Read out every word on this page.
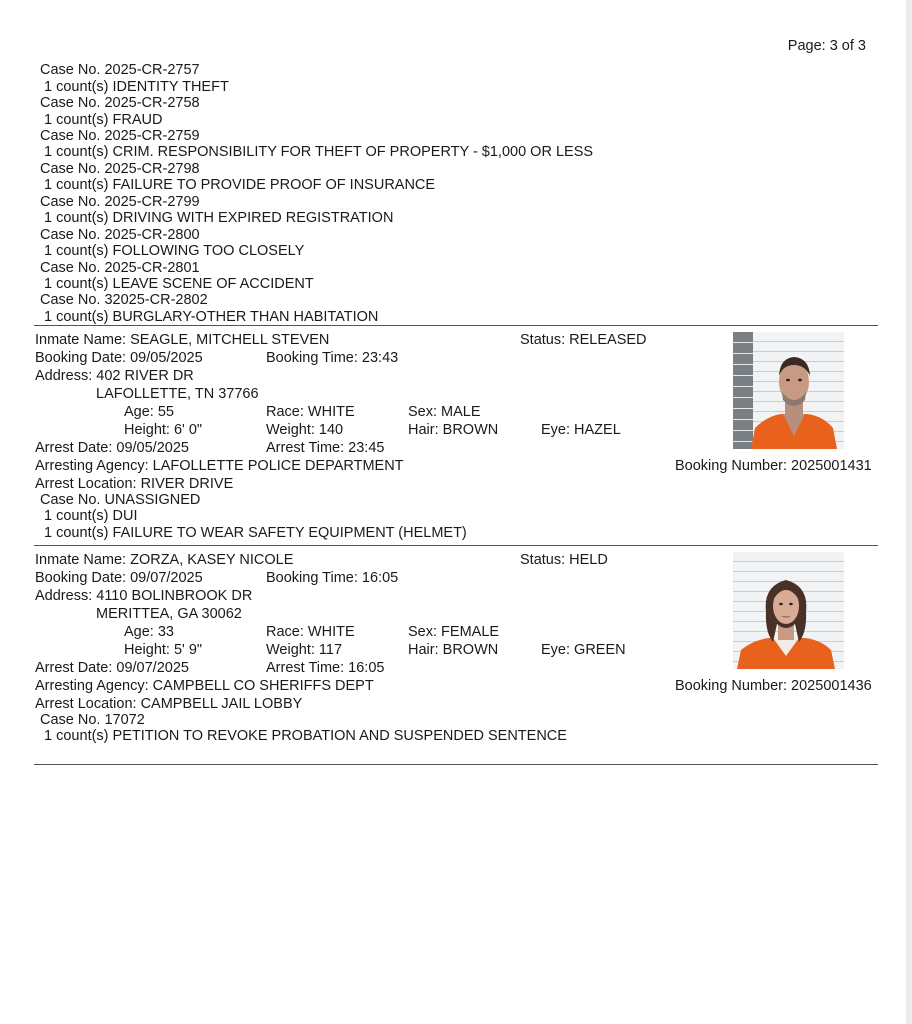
Page: 3 of 3
Case No. 2025-CR-2757
1 count(s) IDENTITY THEFT
Case No. 2025-CR-2758
1 count(s) FRAUD
Case No. 2025-CR-2759
1 count(s) CRIM. RESPONSIBILITY FOR THEFT OF PROPERTY - $1,000 OR LESS
Case No. 2025-CR-2798
1 count(s) FAILURE TO PROVIDE PROOF OF INSURANCE
Case No. 2025-CR-2799
1 count(s) DRIVING WITH EXPIRED REGISTRATION
Case No. 2025-CR-2800
1 count(s) FOLLOWING TOO CLOSELY
Case No. 2025-CR-2801
1 count(s) LEAVE SCENE OF ACCIDENT
Case No. 32025-CR-2802
1 count(s) BURGLARY-OTHER THAN HABITATION
Inmate Name: SEAGLE, MITCHELL STEVEN	Status: RELEASED
Booking Date: 09/05/2025	Booking Time: 23:43
Address: 402 RIVER DR
LAFOLLETTE, TN 37766
Age: 55	Race: WHITE	Sex: MALE
Height: 6' 0"	Weight: 140	Hair: BROWN	Eye: HAZEL
Arrest Date: 09/05/2025	Arrest Time: 23:45
Arresting Agency: LAFOLLETTE POLICE DEPARTMENT	Booking Number: 2025001431
Arrest Location: RIVER DRIVE
Case No. UNASSIGNED
1 count(s) DUI
1 count(s) FAILURE TO WEAR SAFETY EQUIPMENT (HELMET)
Inmate Name: ZORZA, KASEY NICOLE	Status: HELD
Booking Date: 09/07/2025	Booking Time: 16:05
Address: 4110 BOLINBROOK DR
MERITTEA, GA 30062
Age: 33	Race: WHITE	Sex: FEMALE
Height: 5' 9"	Weight: 117	Hair: BROWN	Eye: GREEN
Arrest Date: 09/07/2025	Arrest Time: 16:05
Arresting Agency: CAMPBELL CO SHERIFFS DEPT	Booking Number: 2025001436
Arrest Location: CAMPBELL JAIL LOBBY
Case No. 17072
1 count(s) PETITION TO REVOKE PROBATION AND SUSPENDED SENTENCE
